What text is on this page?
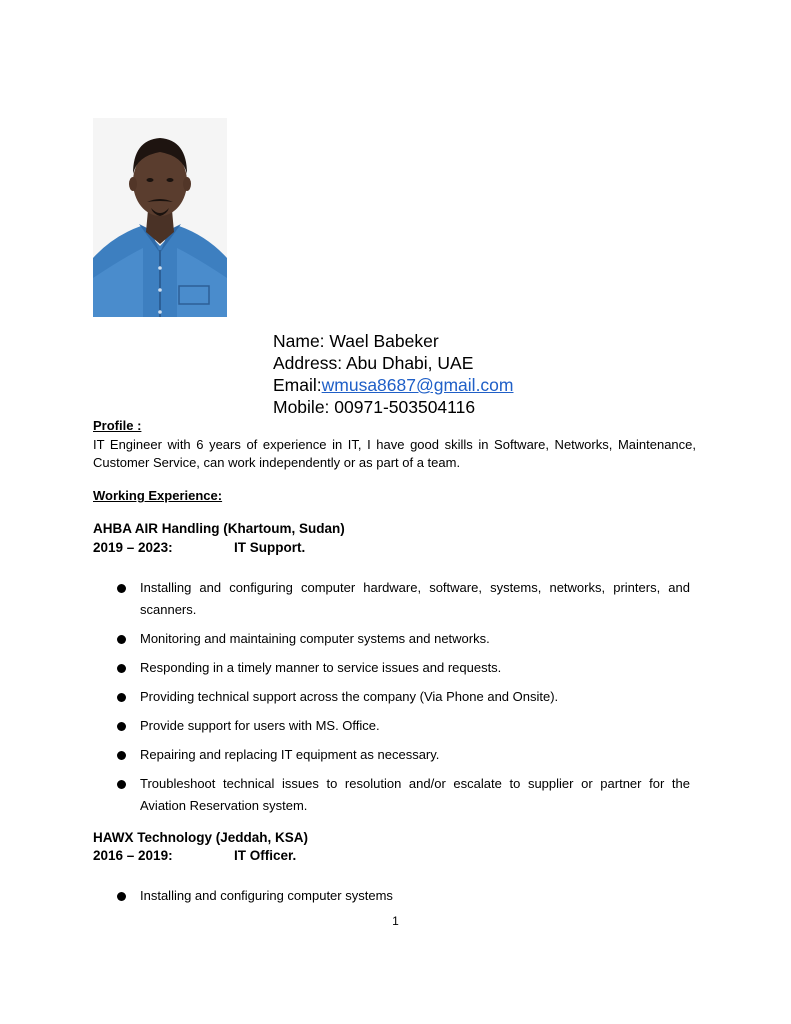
Name: Wael Babeker
Address: Abu Dhabi, UAE
Email:wmusa8687@gmail.com
Mobile: 00971-503504116
Profile :
IT Engineer with 6 years of experience in IT, I have good skills in Software, Networks, Maintenance, Customer Service, can work independently or as part of a team.
Working Experience:
AHBA AIR Handling (Khartoum, Sudan)
2019 – 2023:	IT Support.
Installing and configuring computer hardware, software, systems, networks, printers, and scanners.
Monitoring and maintaining computer systems and networks.
Responding in a timely manner to service issues and requests.
Providing technical support across the company (Via Phone and Onsite).
Provide support for users with MS. Office.
Repairing and replacing IT equipment as necessary.
Troubleshoot technical issues to resolution and/or escalate to supplier or partner for the Aviation Reservation system.
HAWX Technology (Jeddah, KSA)
2016 – 2019:	IT Officer.
Installing and configuring computer systems
1
